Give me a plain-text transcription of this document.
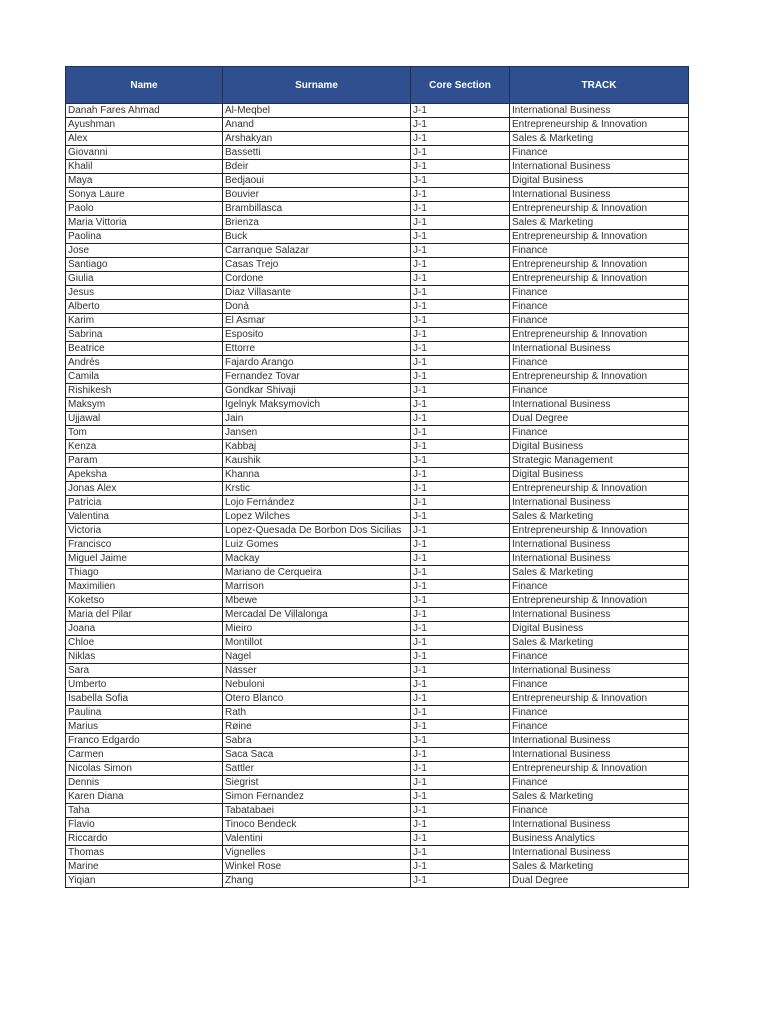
Name	Surname	Core Section	TRACK
Danah Fares Ahmad	Al-Meqbel	J-1	International Business
Ayushman	Anand	J-1	Entrepreneurship & Innovation
Alex	Arshakyan	J-1	Sales & Marketing
Giovanni	Bassetti	J-1	Finance
Khalil	Bdeir	J-1	International Business
Maya	Bedjaoui	J-1	Digital Business
Sonya Laure	Bouvier	J-1	International Business
Paolo	Brambillasca	J-1	Entrepreneurship & Innovation
Maria Vittoria	Brienza	J-1	Sales & Marketing
Paolina	Buck	J-1	Entrepreneurship & Innovation
Jose	Carranque Salazar	J-1	Finance
Santiago	Casas Trejo	J-1	Entrepreneurship & Innovation
Giulia	Cordone	J-1	Entrepreneurship & Innovation
Jesus	Diaz Villasante	J-1	Finance
Alberto	Donà	J-1	Finance
Karim	El Asmar	J-1	Finance
Sabrina	Esposito	J-1	Entrepreneurship & Innovation
Beatrice	Ettorre	J-1	International Business
Andrés	Fajardo Arango	J-1	Finance
Camila	Fernandez Tovar	J-1	Entrepreneurship & Innovation
Rishikesh	Gondkar Shivaji	J-1	Finance
Maksym	Igelnyk Maksymovich	J-1	International Business
Ujjawal	Jain	J-1	Dual Degree
Tom	Jansen	J-1	Finance
Kenza	Kabbaj	J-1	Digital Business
Param	Kaushik	J-1	Strategic Management
Apeksha	Khanna	J-1	Digital Business
Jonas Alex	Krstic	J-1	Entrepreneurship & Innovation
Patricia	Lojo Fernández	J-1	International Business
Valentina	Lopez Wilches	J-1	Sales & Marketing
Victoria	Lopez-Quesada De Borbon Dos Sicilias	J-1	Entrepreneurship & Innovation
Francisco	Luiz Gomes	J-1	International Business
Miguel Jaime	Mackay	J-1	International Business
Thiago	Mariano de Cerqueira	J-1	Sales & Marketing
Maximilien	Marrison	J-1	Finance
Koketso	Mbewe	J-1	Entrepreneurship & Innovation
Maria del Pilar	Mercadal De Villalonga	J-1	International Business
Joana	Mieiro	J-1	Digital Business
Chloe	Montillot	J-1	Sales & Marketing
Niklas	Nagel	J-1	Finance
Sara	Nasser	J-1	International Business
Umberto	Nebuloni	J-1	Finance
Isabella Sofia	Otero Blanco	J-1	Entrepreneurship & Innovation
Paulina	Rath	J-1	Finance
Marius	Røine	J-1	Finance
Franco Edgardo	Sabra	J-1	International Business
Carmen	Saca Saca	J-1	International Business
Nicolas Simon	Sattler	J-1	Entrepreneurship & Innovation
Dennis	Siegrist	J-1	Finance
Karen Diana	Simon Fernandez	J-1	Sales & Marketing
Taha	Tabatabaei	J-1	Finance
Flavio	Tinoco Bendeck	J-1	International Business
Riccardo	Valentini	J-1	Business Analytics
Thomas	Vignelles	J-1	International Business
Marine	Winkel Rose	J-1	Sales & Marketing
Yiqian	Zhang	J-1	Dual Degree
